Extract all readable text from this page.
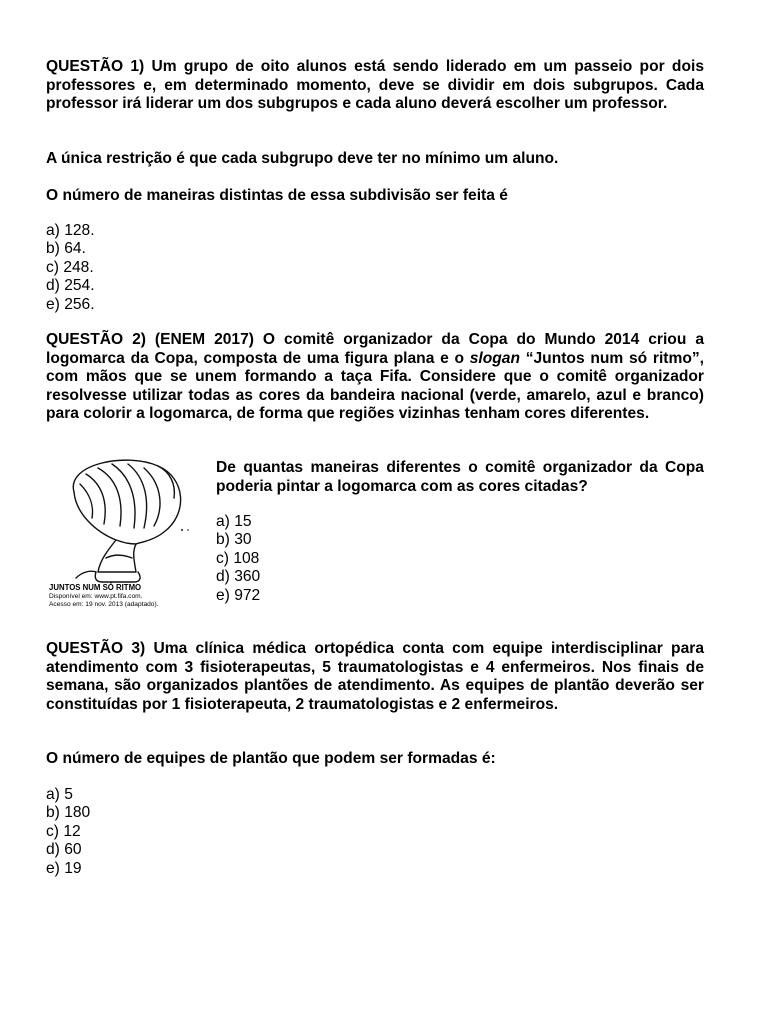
QUESTÃO 1) Um grupo de oito alunos está sendo liderado em um passeio por dois professores e, em determinado momento, deve se dividir em dois subgrupos. Cada professor irá liderar um dos subgrupos e cada aluno deverá escolher um professor.

A única restrição é que cada subgrupo deve ter no mínimo um aluno.

O número de maneiras distintas de essa subdivisão ser feita é

a) 128.
b) 64.
c) 248.
d) 254.
e) 256.

QUESTÃO 2) (ENEM 2017) O comitê organizador da Copa do Mundo 2014 criou a logomarca da Copa, composta de uma figura plana e o slogan “Juntos num só ritmo”, com mãos que se unem formando a taça Fifa. Considere que o comitê organizador resolvesse utilizar todas as cores da bandeira nacional (verde, amarelo, azul e branco) para colorir a logomarca, de forma que regiões vizinhas tenham cores diferentes.

JUNTOS NUM SÓ RITMO
Disponível em: www.pt.fifa.com.
Acesso em: 19 nov. 2013 (adaptado).

De quantas maneiras diferentes o comitê organizador da Copa poderia pintar a logomarca com as cores citadas?

a) 15
b) 30
c) 108
d) 360
e) 972

QUESTÃO 3) Uma clínica médica ortopédica conta com equipe interdisciplinar para atendimento com 3 fisioterapeutas, 5 traumatologistas e 4 enfermeiros. Nos finais de semana, são organizados plantões de atendimento. As equipes de plantão deverão ser constituídas por 1 fisioterapeuta, 2 traumatologistas e 2 enfermeiros.

O número de equipes de plantão que podem ser formadas é:

a) 5
b) 180
c) 12
d) 60
e) 19
